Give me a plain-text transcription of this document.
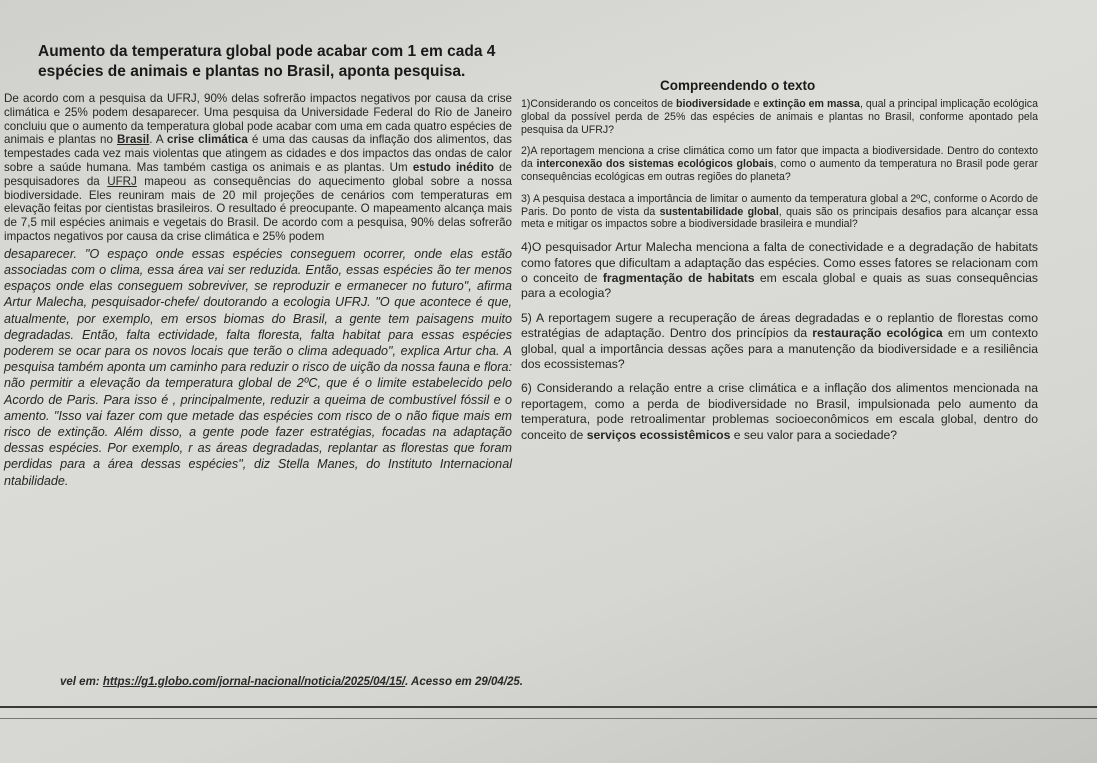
Aumento da temperatura global pode acabar com 1 em cada 4 espécies de animais e plantas no Brasil, aponta pesquisa.

De acordo com a pesquisa da UFRJ, 90% delas sofrerão impactos negativos por causa da crise climática e 25% podem desaparecer. Uma pesquisa da Universidade Federal do Rio de Janeiro concluiu que o aumento da temperatura global pode acabar com uma em cada quatro espécies de animais e plantas no Brasil. A crise climática é uma das causas da inflação dos alimentos, das tempestades cada vez mais violentas que atingem as cidades e dos impactos das ondas de calor sobre a saúde humana. Mas também castiga os animais e as plantas. Um estudo inédito de pesquisadores da UFRJ mapeou as consequências do aquecimento global sobre a nossa biodiversidade. Eles reuniram mais de 20 mil projeções de cenários com temperaturas em elevação feitas por cientistas brasileiros. O resultado é preocupante. O mapeamento alcança mais de 7,5 mil espécies animais e vegetais do Brasil. De acordo com a pesquisa, 90% delas sofrerão impactos negativos por causa da crise climática e 25% podem

desaparecer. "O espaço onde essas espécies conseguem ocorrer, onde elas estão associadas com o clima, essa área vai ser reduzida. Então, essas espécies ão ter menos espaços onde elas conseguem sobreviver, se reproduzir e ermanecer no futuro", afirma Artur Malecha, pesquisador-chefe/ doutorando a ecologia UFRJ. "O que acontece é que, atualmente, por exemplo, em ersos biomas do Brasil, a gente tem paisagens muito degradadas. Então, falta ectividade, falta floresta, falta habitat para essas espécies poderem se ocar para os novos locais que terão o clima adequado", explica Artur cha. A pesquisa também aponta um caminho para reduzir o risco de uição da nossa fauna e flora: não permitir a elevação da temperatura global de 2ºC, que é o limite estabelecido pelo Acordo de Paris. Para isso é , principalmente, reduzir a queima de combustível fóssil e o amento. "Isso vai fazer com que metade das espécies com risco de o não fique mais em risco de extinção. Além disso, a gente pode fazer estratégias, focadas na adaptação dessas espécies. Por exemplo, r as áreas degradadas, replantar as florestas que foram perdidas para a área dessas espécies", diz Stella Manes, do Instituto Internacional ntabilidade.

vel em: https://g1.globo.com/jornal-nacional/noticia/2025/04/15/. Acesso em 29/04/25.
Compreendendo o texto

1)Considerando os conceitos de biodiversidade e extinção em massa, qual a principal implicação ecológica global da possível perda de 25% das espécies de animais e plantas no Brasil, conforme apontado pela pesquisa da UFRJ?

2)A reportagem menciona a crise climática como um fator que impacta a biodiversidade. Dentro do contexto da interconexão dos sistemas ecológicos globais, como o aumento da temperatura no Brasil pode gerar consequências ecológicas em outras regiões do planeta?

3) A pesquisa destaca a importância de limitar o aumento da temperatura global a 2ºC, conforme o Acordo de Paris. Do ponto de vista da sustentabilidade global, quais são os principais desafios para alcançar essa meta e mitigar os impactos sobre a biodiversidade brasileira e mundial?

4)O pesquisador Artur Malecha menciona a falta de conectividade e a degradação de habitats como fatores que dificultam a adaptação das espécies. Como esses fatores se relacionam com o conceito de fragmentação de habitats em escala global e quais as suas consequências para a ecologia?

5) A reportagem sugere a recuperação de áreas degradadas e o replantio de florestas como estratégias de adaptação. Dentro dos princípios da restauração ecológica em um contexto global, qual a importância dessas ações para a manutenção da biodiversidade e a resiliência dos ecossistemas?

6) Considerando a relação entre a crise climática e a inflação dos alimentos mencionada na reportagem, como a perda de biodiversidade no Brasil, impulsionada pelo aumento da temperatura, pode retroalimentar problemas socioeconômicos em escala global, dentro do conceito de serviços ecossistêmicos e seu valor para a sociedade?
